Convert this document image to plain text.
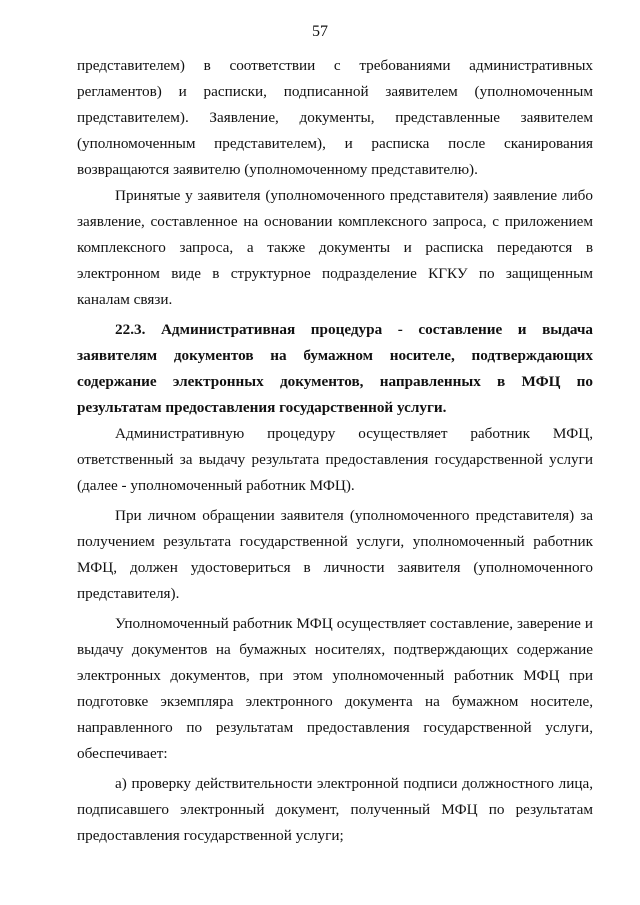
57

представителем) в соответствии с требованиями административных регламентов) и расписки, подписанной заявителем (уполномоченным представителем). Заявление, документы, представленные заявителем (уполномоченным представителем), и расписка после сканирования возвращаются заявителю (уполномоченному представителю).

Принятые у заявителя (уполномоченного представителя) заявление либо заявление, составленное на основании комплексного запроса, с приложением комплексного запроса, а также документы и расписка передаются в электронном виде в структурное подразделение КГКУ по защищенным каналам связи.

22.3. Административная процедура - составление и выдача заявителям документов на бумажном носителе, подтверждающих содержание электронных документов, направленных в МФЦ по результатам предоставления государственной услуги.

Административную процедуру осуществляет работник МФЦ, ответственный за выдачу результата предоставления государственной услуги (далее - уполномоченный работник МФЦ).

При личном обращении заявителя (уполномоченного представителя) за получением результата государственной услуги, уполномоченный работник МФЦ, должен удостовериться в личности заявителя (уполномоченного представителя).

Уполномоченный работник МФЦ осуществляет составление, заверение и выдачу документов на бумажных носителях, подтверждающих содержание электронных документов, при этом уполномоченный работник МФЦ при подготовке экземпляра электронного документа на бумажном носителе, направленного по результатам предоставления государственной услуги, обеспечивает:

а) проверку действительности электронной подписи должностного лица, подписавшего электронный документ, полученный МФЦ по результатам предоставления государственной услуги;
